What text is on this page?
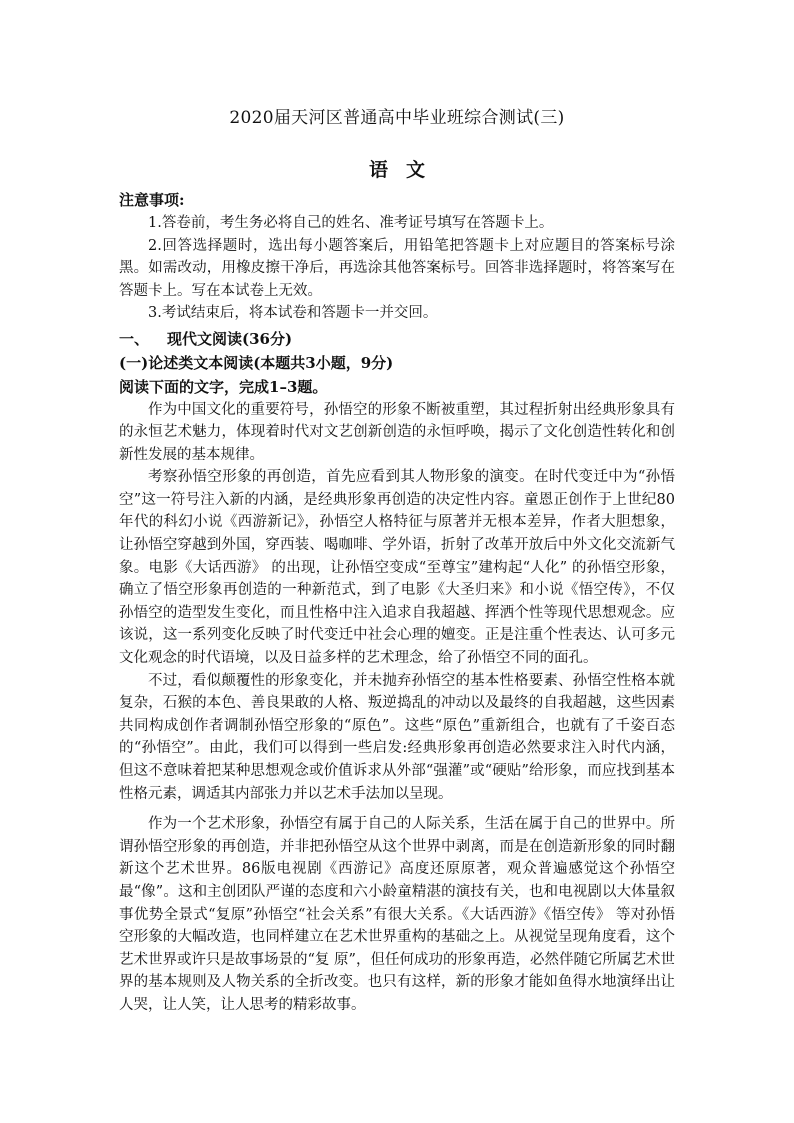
2020届天河区普通高中毕业班综合测试(三)
语文
注意事项:

1.答卷前，考生务必将自己的姓名、准考证号填写在答题卡上。

2.回答选择题时，选出每小题答案后，用铅笔把答题卡上对应题目的答案标号涂黑。如需改动，用橡皮擦干净后，再选涂其他答案标号。回答非选择题时，将答案写在答题卡上。写在本试卷上无效。

3.考试结束后，将本试卷和答题卡一并交回。

一、 现代文阅读(36分)
(一)论述类文本阅读(本题共3小题，9分)
阅读下面的文字，完成1–3题。

作为中国文化的重要符号，孙悟空的形象不断被重塑，其过程折射出经典形象具有的永恒艺术魅力，体现着时代对文艺创新创造的永恒呼唤，揭示了文化创造性转化和创新性发展的基本规律。

考察孙悟空形象的再创造，首先应看到其人物形象的演变。在时代变迁中为“孙悟空”这一符号注入新的内涵，是经典形象再创造的决定性内容。童恩正创作于上世纪80年代的科幻小说《西游新记》，孙悟空人格特征与原著并无根本差异，作者大胆想象，让孙悟空穿越到外国，穿西装、喝咖啡、学外语，折射了改革开放后中外文化交流新气象。电影《大话西游》 的出现，让孙悟空变成“至尊宝”建构起“人化” 的孙悟空形象，确立了悟空形象再创造的一种新范式，到了电影《大圣归来》和小说《悟空传》，不仅孙悟空的造型发生变化，而且性格中注入追求自我超越、挥洒个性等现代思想观念。应该说，这一系列变化反映了时代变迁中社会心理的嬗变。正是注重个性表达、认可多元文化观念的时代语境，以及日益多样的艺术理念，给了孙悟空不同的面孔。

不过，看似颠覆性的形象变化，并未抛弃孙悟空的基本性格要素、孙悟空性格本就复杂，石猴的本色、善良果敢的人格、叛逆捣乱的冲动以及最终的自我超越，这些因素共同构成创作者调制孙悟空形象的“原色”。这些“原色”重新组合，也就有了千姿百态的“孙悟空”。由此，我们可以得到一些启发:经典形象再创造必然要求注入时代内涵，但这不意味着把某种思想观念或价值诉求从外部“强灌”或“硬贴”给形象，而应找到基本性格元素，调适其内部张力并以艺术手法加以呈现。

作为一个艺术形象，孙悟空有属于自己的人际关系，生活在属于自己的世界中。所谓孙悟空形象的再创造，并非把孙悟空从这个世界中剥离，而是在创造新形象的同时翻新这个艺术世界。86版电视剧《西游记》高度还原原著，观众普遍感觉这个孙悟空最“像”。这和主创团队严谨的态度和六小龄童精湛的演技有关，也和电视剧以大体量叙事优势全景式“复原”孙悟空“社会关系”有很大关系。《大话西游》《悟空传》 等对孙悟空形象的大幅改造，也同样建立在艺术世界重构的基础之上。从视觉呈现角度看，这个艺术世界或许只是故事场景的“复 原”，但任何成功的形象再造，必然伴随它所属艺术世界的基本规则及人物关系的全折改变。也只有这样，新的形象才能如鱼得水地演绎出让人哭，让人笑，让人思考的精彩故事。
